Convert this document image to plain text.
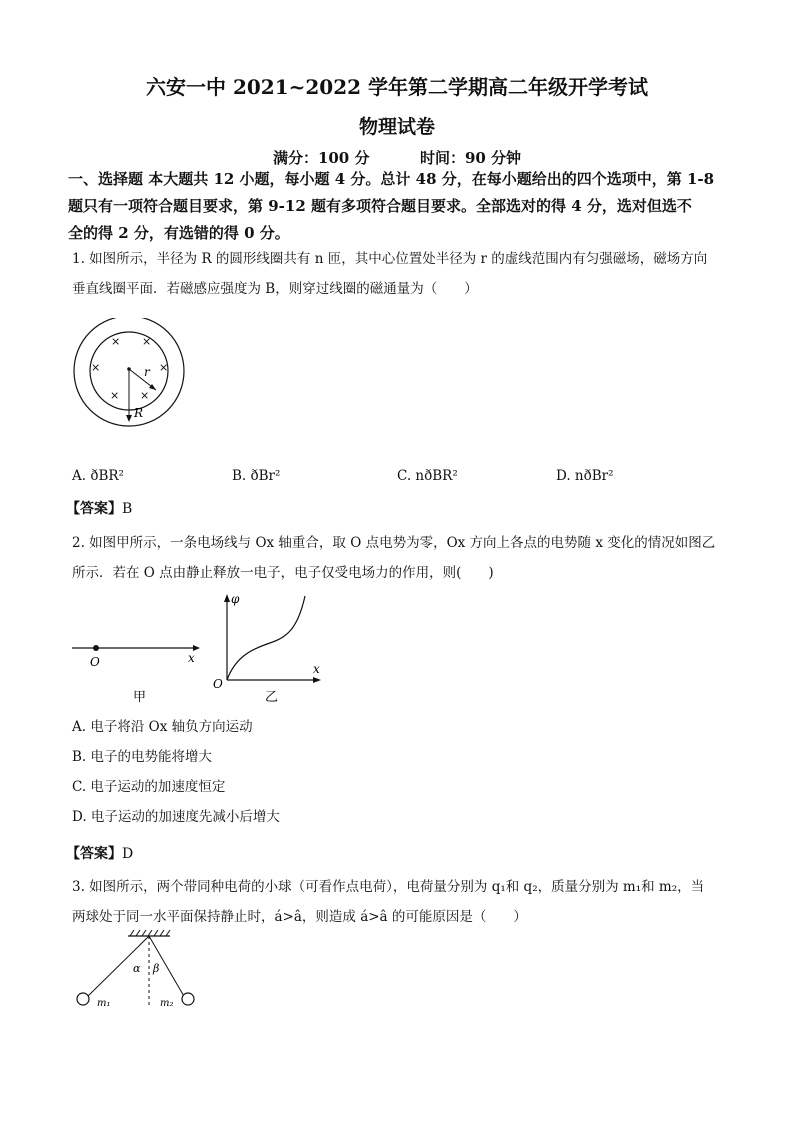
六安一中 2021~2022 学年第二学期高二年级开学考试
物理试卷
满分：100 分	时间：90 分钟
一、选择题 本大题共 12 小题，每小题 4 分。总计 48 分，在每小题给出的四个选项中，第 1-8
题只有一项符合题目要求，第 9-12 题有多项符合题目要求。全部选对的得 4 分，选对但选不
全的得 2 分，有选错的得 0 分。
1. 如图所示，半径为 R 的圆形线圈共有 n 匝，其中心位置处半径为 r 的虚线范围内有匀强磁场，磁场方向
垂直线圈平面．若磁感应强度为 B，则穿过线圈的磁通量为（　　）
× ×
×	×
× ×
r
R
A. ðBR²	B. ðBr²	C. nðBR²	D. nðBr²
【答案】B
2. 如图甲所示，一条电场线与 Ox 轴重合，取 O 点电势为零，Ox 方向上各点的电势随 x 变化的情况如图乙
所示．若在 O 点由静止释放一电子，电子仅受电场力的作用，则(　　)
O	x
甲
φ
x
O
乙
A. 电子将沿 Ox 轴负方向运动
B. 电子的电势能将增大
C. 电子运动的加速度恒定
D. 电子运动的加速度先减小后增大
【答案】D
3. 如图所示，两个带同种电荷的小球（可看作点电荷），电荷量分别为 q₁和 q₂，质量分别为 m₁和 m₂，当
两球处于同一水平面保持静止时，á>â，则造成 á>â 的可能原因是（　　）
α β
m₁	m₂
